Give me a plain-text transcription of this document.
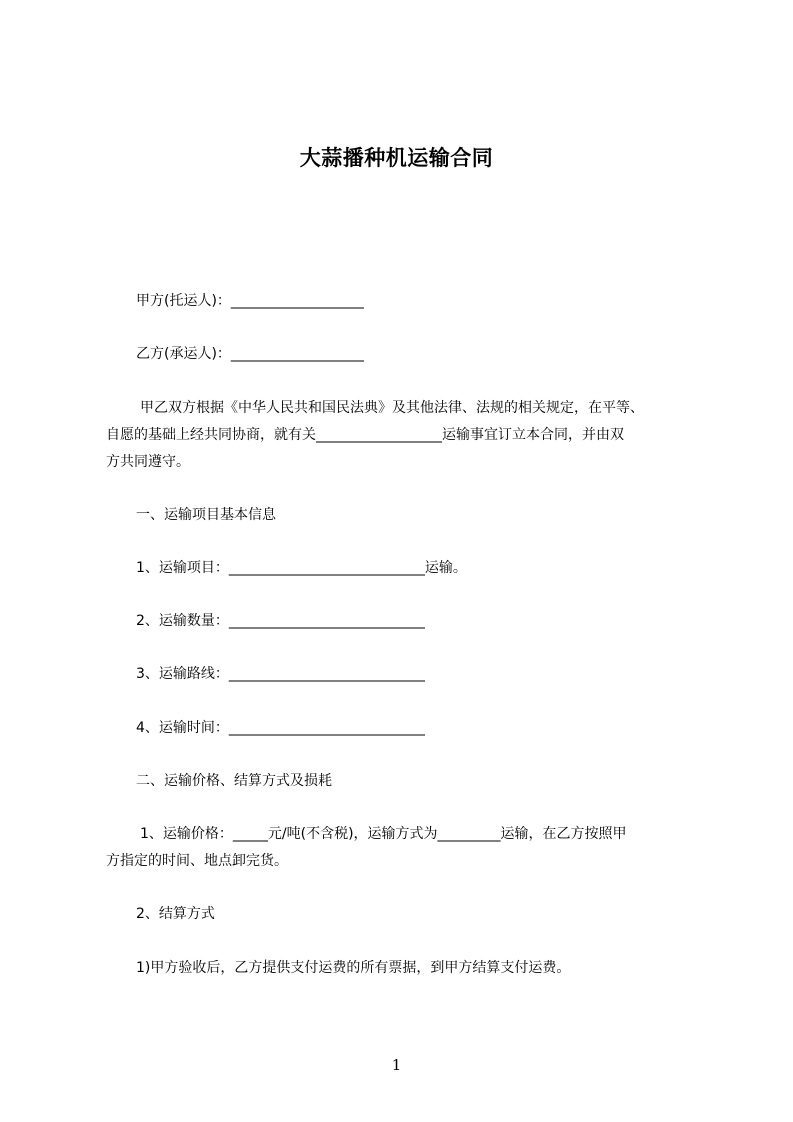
大蒜播种机运输合同

甲方(托运人)：___________________

乙方(承运人)：___________________

甲乙双方根据《中华人民共和国民法典》及其他法律、法规的相关规定，在平等、

自愿的基础上经共同协商，就有关__________________运输事宜订立本合同，并由双

方共同遵守。

一、运输项目基本信息

1、运输项目：____________________________运输。

2、运输数量：____________________________

3、运输路线：____________________________

4、运输时间：____________________________

二、运输价格、结算方式及损耗

1、运输价格：_____元/吨(不含税)，运输方式为_________运输，在乙方按照甲

方指定的时间、地点卸完货。

2、结算方式

1)甲方验收后，乙方提供支付运费的所有票据，到甲方结算支付运费。

1
